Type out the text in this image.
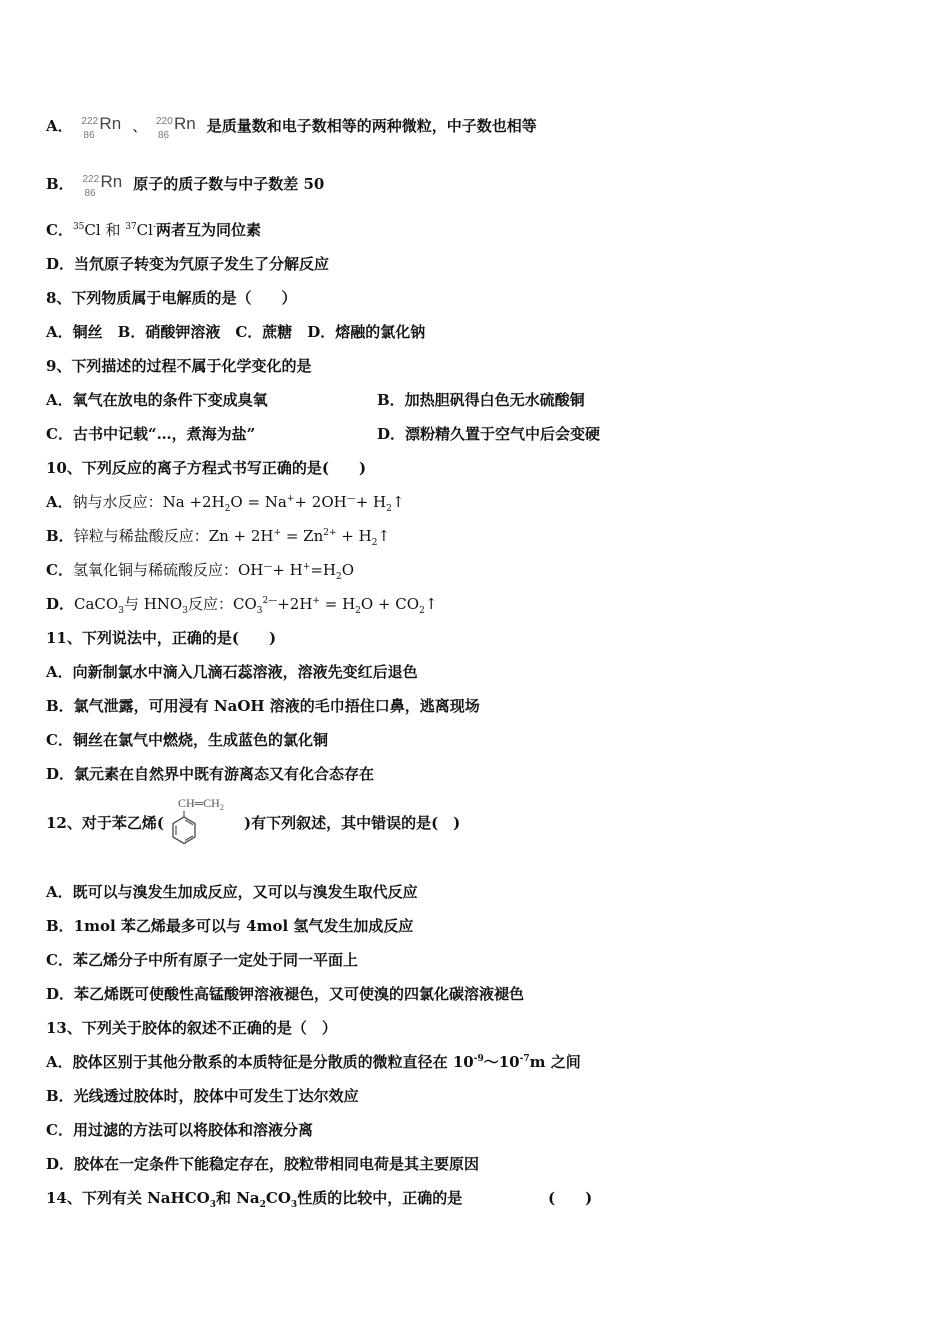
A． 222
86
Rn 、 220
86
Rn 是质量数和电子数相等的两种微粒，中子数也相等
B． 222
86
Rn 原子的质子数与中子数差 50
C．$^{35}$Cl 和 $^{37}$Cl-两者互为同位素
D．当氘原子转变为氕原子发生了分解反应
8、下列物质属于电解质的是（　　）
A．铜丝　B．硝酸钾溶液　C．蔗糖　D．熔融的氯化钠
9、下列描述的过程不属于化学变化的是
A．氧气在放电的条件下变成臭氧	B．加热胆矾得白色无水硫酸铜
C．古书中记载“…，煮海为盐”	D．漂粉精久置于空气中后会变硬
10、下列反应的离子方程式书写正确的是(　　)
A．钠与水反应：$Na +2H_2O = Na^++ 2OH^—+$ $H_2↑$
B．锌粒与稀盐酸反应：$Zn + 2H^+ = Zn^{2+}$ + $H_2↑$
C．氢氧化铜与稀硫酸反应：$OH^—+ H^+=H_2O$
D．CaCO$_3$与 $HNO_3$反应：$CO_3^{2—}+2H^+ = H_2O$ + $CO_2↑$
11、下列说法中，正确的是(　　)
A．向新制氯水中滴入几滴石蕊溶液，溶液先变红后退色
B．氯气泄露，可用浸有 NaOH 溶液的毛巾捂住口鼻，逃离现场
C．铜丝在氯气中燃烧，生成蓝色的氯化铜
D．氯元素在自然界中既有游离态又有化合态存在
12、对于苯乙烯(
$CH═CH_2$
)有下列叙述，其中错误的是(　)
A．既可以与溴发生加成反应，又可以与溴发生取代反应
B．1mol 苯乙烯最多可以与 4mol 氢气发生加成反应
C．苯乙烯分子中所有原子一定处于同一平面上
D．苯乙烯既可使酸性高锰酸钾溶液褪色，又可使溴的四氯化碳溶液褪色
13、下列关于胶体的叙述不正确的是（　）
A．胶体区别于其他分散系的本质特征是分散质的微粒直径在 $10^{-9}\sim 10^{-7}m$ 之间
B．光线透过胶体时，胶体中可发生丁达尔效应
C．用过滤的方法可以将胶体和溶液分离
D．胶体在一定条件下能稳定存在，胶粒带相同电荷是其主要原因
14、下列有关 NaHCO$_3$和 $Na_2CO_3$性质的比较中，正确的是	(　　)
